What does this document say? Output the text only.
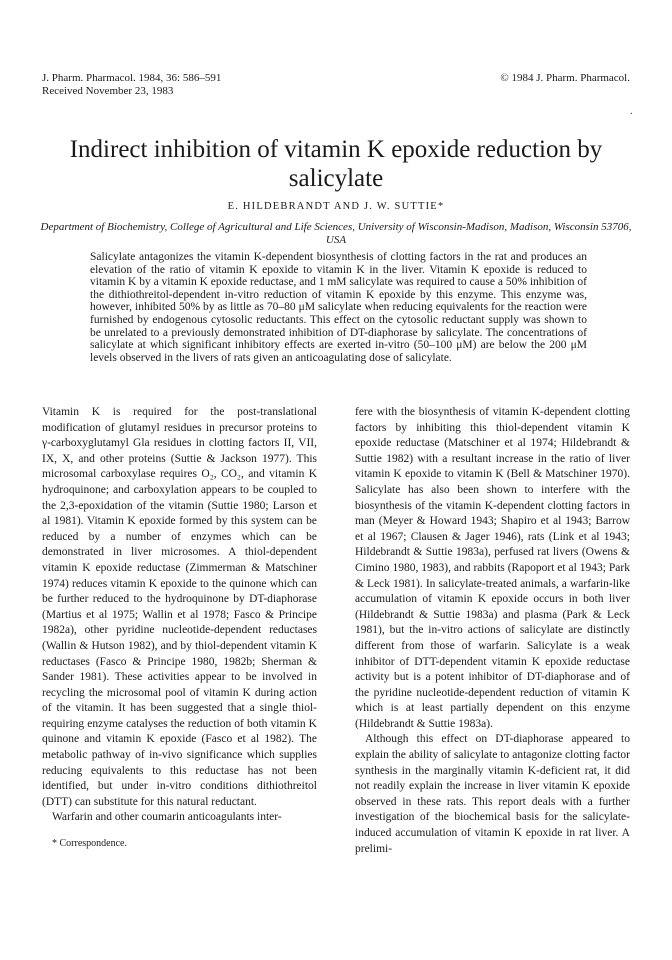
J. Pharm. Pharmacol. 1984, 36: 586–591
Received November 23, 1983
© 1984 J. Pharm. Pharmacol.
.
Indirect inhibition of vitamin K epoxide reduction by salicylate
E. HILDEBRANDT AND J. W. SUTTIE*
Department of Biochemistry, College of Agricultural and Life Sciences, University of Wisconsin-Madison, Madison, Wisconsin 53706, USA
Salicylate antagonizes the vitamin K-dependent biosynthesis of clotting factors in the rat and produces an elevation of the ratio of vitamin K epoxide to vitamin K in the liver. Vitamin K epoxide is reduced to vitamin K by a vitamin K epoxide reductase, and 1 mM salicylate was required to cause a 50% inhibition of the dithiothreitol-dependent in-vitro reduction of vitamin K epoxide by this enzyme. This enzyme was, however, inhibited 50% by as little as 70–80 μM salicylate when reducing equivalents for the reaction were furnished by endogenous cytosolic reductants. This effect on the cytosolic reductant supply was shown to be unrelated to a previously demonstrated inhibition of DT-diaphorase by salicylate. The concentrations of salicylate at which significant inhibitory effects are exerted in-vitro (50–100 μM) are below the 200 μM levels observed in the livers of rats given an anticoagulating dose of salicylate.

Vitamin K is required for the post-translational modification of glutamyl residues in precursor proteins to γ-carboxyglutamyl Gla residues in clotting factors II, VII, IX, X, and other proteins (Suttie & Jackson 1977). This microsomal carboxylase requires O₂, CO₂, and vitamin K hydroquinone; and carboxylation appears to be coupled to the 2,3-epoxidation of the vitamin (Suttie 1980; Larson et al 1981). Vitamin K epoxide formed by this system can be reduced by a number of enzymes which can be demonstrated in liver microsomes. A thiol-dependent vitamin K epoxide reductase (Zimmerman & Matschiner 1974) reduces vitamin K epoxide to the quinone which can be further reduced to the hydroquinone by DT-diaphorase (Martius et al 1975; Wallin et al 1978; Fasco & Principe 1982a), other pyridine nucleotide-dependent reductases (Wallin & Hutson 1982), and by thiol-dependent vitamin K reductases (Fasco & Principe 1980, 1982b; Sherman & Sander 1981). These activities appear to be involved in recycling the microsomal pool of vitamin K during action of the vitamin. It has been suggested that a single thiol-requiring enzyme catalyses the reduction of both vitamin K quinone and vitamin K epoxide (Fasco et al 1982). The metabolic pathway of in-vivo significance which supplies reducing equivalents to this reductase has not been identified, but under in-vitro conditions dithiothreitol (DTT) can substitute for this natural reductant.

Warfarin and other coumarin anticoagulants inter-

fere with the biosynthesis of vitamin K-dependent clotting factors by inhibiting this thiol-dependent vitamin K epoxide reductase (Matschiner et al 1974; Hildebrandt & Suttie 1982) with a resultant increase in the ratio of liver vitamin K epoxide to vitamin K (Bell & Matschiner 1970). Salicylate has also been shown to interfere with the biosynthesis of the vitamin K-dependent clotting factors in man (Meyer & Howard 1943; Shapiro et al 1943; Barrow et al 1967; Clausen & Jager 1946), rats (Link et al 1943; Hildebrandt & Suttie 1983a), perfused rat livers (Owens & Cimino 1980, 1983), and rabbits (Rapoport et al 1943; Park & Leck 1981). In salicylate-treated animals, a warfarin-like accumulation of vitamin K epoxide occurs in both liver (Hildebrandt & Suttie 1983a) and plasma (Park & Leck 1981), but the in-vitro actions of salicylate are distinctly different from those of warfarin. Salicylate is a weak inhibitor of DTT-dependent vitamin K epoxide reductase activity but is a potent inhibitor of DT-diaphorase and of the pyridine nucleotide-dependent reduction of vitamin K which is at least partially dependent on this enzyme (Hildebrandt & Suttie 1983a).

Although this effect on DT-diaphorase appeared to explain the ability of salicylate to antagonize clotting factor synthesis in the marginally vitamin K-deficient rat, it did not readily explain the increase in liver vitamin K epoxide observed in these rats. This report deals with a further investigation of the biochemical basis for the salicylate-induced accumulation of vitamin K epoxide in rat liver. A prelimi-

* Correspondence.
